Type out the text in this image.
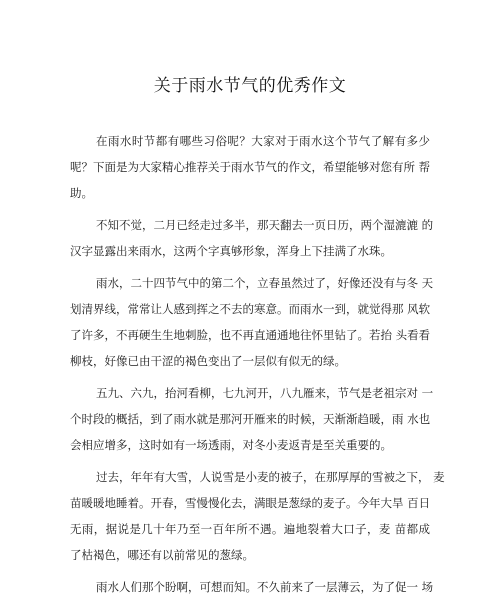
关于雨水节气的优秀作文
在雨水时节都有哪些习俗呢？大家对于雨水这个节气了解有多少
呢？下面是为大家精心推荐关于雨水节气的作文，希望能够对您有所 帮
助。
不知不觉，二月已经走过多半，那天翻去一页日历，两个湿漉漉 的
汉字显露出来雨水，这两个字真够形象，浑身上下挂满了水珠。
雨水，二十四节气中的第二个，立春虽然过了，好像还没有与冬 天
划清界线，常常让人感到挥之不去的寒意。而雨水一到，就觉得那 风软
了许多，不再硬生生地刺脸，也不再直通通地往怀里钻了。若抬 头看看
柳枝，好像已由干涩的褐色变出了一层似有似无的绿。
五九、六九，抬河看柳，七九河开，八九雁来，节气是老祖宗对 一
个时段的概括，到了雨水就是那河开雁来的时候，天渐渐趋暖，雨 水也
会相应增多，这时如有一场透雨，对冬小麦返青是至关重要的。
过去，年年有大雪，人说雪是小麦的被子，在那厚厚的雪被之下， 麦
苗暖暖地睡着。开春，雪慢慢化去，满眼是葱绿的麦子。今年大旱 百日
无雨，据说是几十年乃至一百年所不遇。遍地裂着大口子，麦 苗都成
了枯褐色，哪还有以前常见的葱绿。
雨水人们那个盼啊，可想而知。不久前来了一层薄云，为了促一 场
